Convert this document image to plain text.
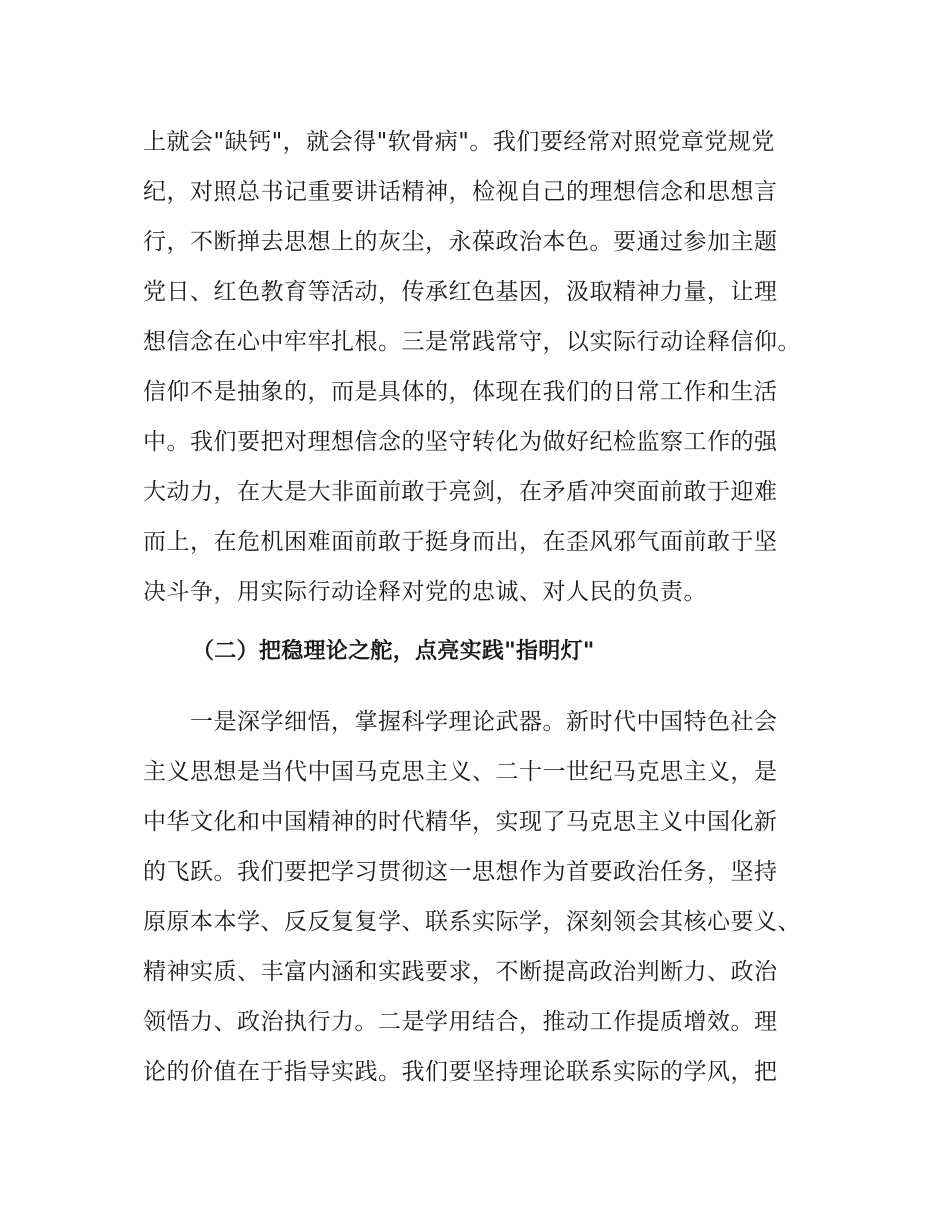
上就会"缺钙"，就会得"软骨病"。我们要经常对照党章党规党
纪，对照总书记重要讲话精神，检视自己的理想信念和思想言
行，不断掸去思想上的灰尘，永葆政治本色。要通过参加主题
党日、红色教育等活动，传承红色基因，汲取精神力量，让理
想信念在心中牢牢扎根。三是常践常守，以实际行动诠释信仰。
信仰不是抽象的，而是具体的，体现在我们的日常工作和生活
中。我们要把对理想信念的坚守转化为做好纪检监察工作的强
大动力，在大是大非面前敢于亮剑，在矛盾冲突面前敢于迎难
而上，在危机困难面前敢于挺身而出，在歪风邪气面前敢于坚
决斗争，用实际行动诠释对党的忠诚、对人民的负责。
（二）把稳理论之舵，点亮实践"指明灯"
一是深学细悟，掌握科学理论武器。新时代中国特色社会
主义思想是当代中国马克思主义、二十一世纪马克思主义，是
中华文化和中国精神的时代精华，实现了马克思主义中国化新
的飞跃。我们要把学习贯彻这一思想作为首要政治任务，坚持
原原本本学、反反复复学、联系实际学，深刻领会其核心要义、
精神实质、丰富内涵和实践要求，不断提高政治判断力、政治
领悟力、政治执行力。二是学用结合，推动工作提质增效。理
论的价值在于指导实践。我们要坚持理论联系实际的学风，把
